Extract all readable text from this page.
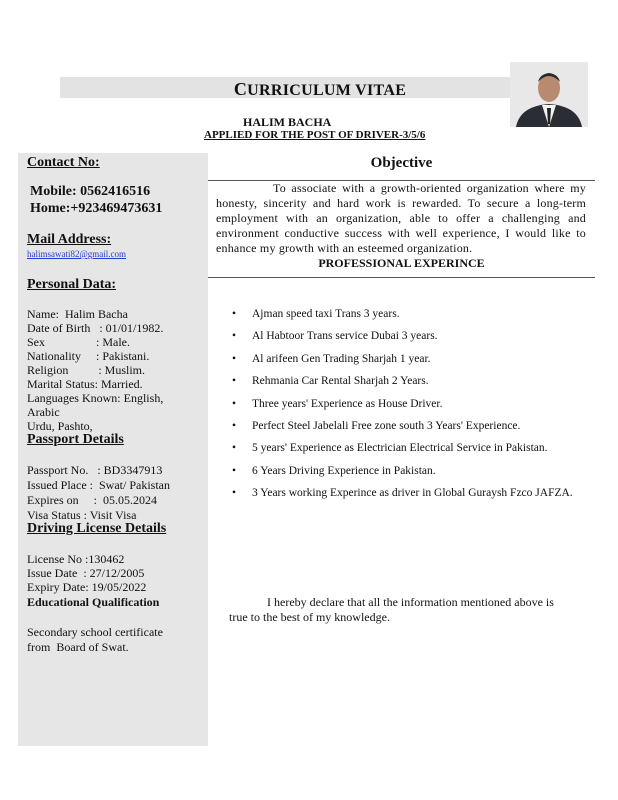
CURRICULUM VITAE
HALIM BACHA
APPLIED FOR THE POST OF DRIVER-3/5/6
Contact No:
Mobile: 0562416516
Home:+923469473631
Mail Address:
halimsawati82@gmail.com
Personal Data:

Name:  Halim Bacha
Date of Birth   : 01/01/1982.
Sex                 : Male.
Nationality     : Pakistani.
Religion          : Muslim.
Marital Status: Married.
Languages Known: English,
Arabic
Urdu, Pashto,

Passport Details

Passport No.   : BD3347913
Issued Place :  Swat/ Pakistan
Expires on     :  05.05.2024
Visa Status : Visit Visa

Driving License Details

License No :130462
Issue Date  : 27/12/2005
Expiry Date: 19/05/2022

Educational Qualification

Secondary school certificate
from  Board of Swat.

Objective
To associate with a growth-oriented organization where my honesty, sincerity and hard work is rewarded. To secure a long-term employment with an organization, able to offer a challenging and environment conductive success with well experience, I would like to enhance my growth with an esteemed organization.
PROFESSIONAL EXPERINCE
• Ajman speed taxi Trans 3 years.
• Al Habtoor Trans service Dubai 3 years.
• Al arifeen Gen Trading Sharjah 1 year.
• Rehmania Car Rental Sharjah 2 Years.
• Three years' Experience as House Driver.
• Perfect Steel Jabelali Free zone south 3 Years' Experience.
• 5 years' Experience as Electrician Electrical Service in Pakistan.
• 6 Years Driving Experience in Pakistan.
• 3 Years working Experince as driver in Global Guraysh Fzco JAFZA.
I hereby declare that all the information mentioned above is true to the best of my knowledge.
